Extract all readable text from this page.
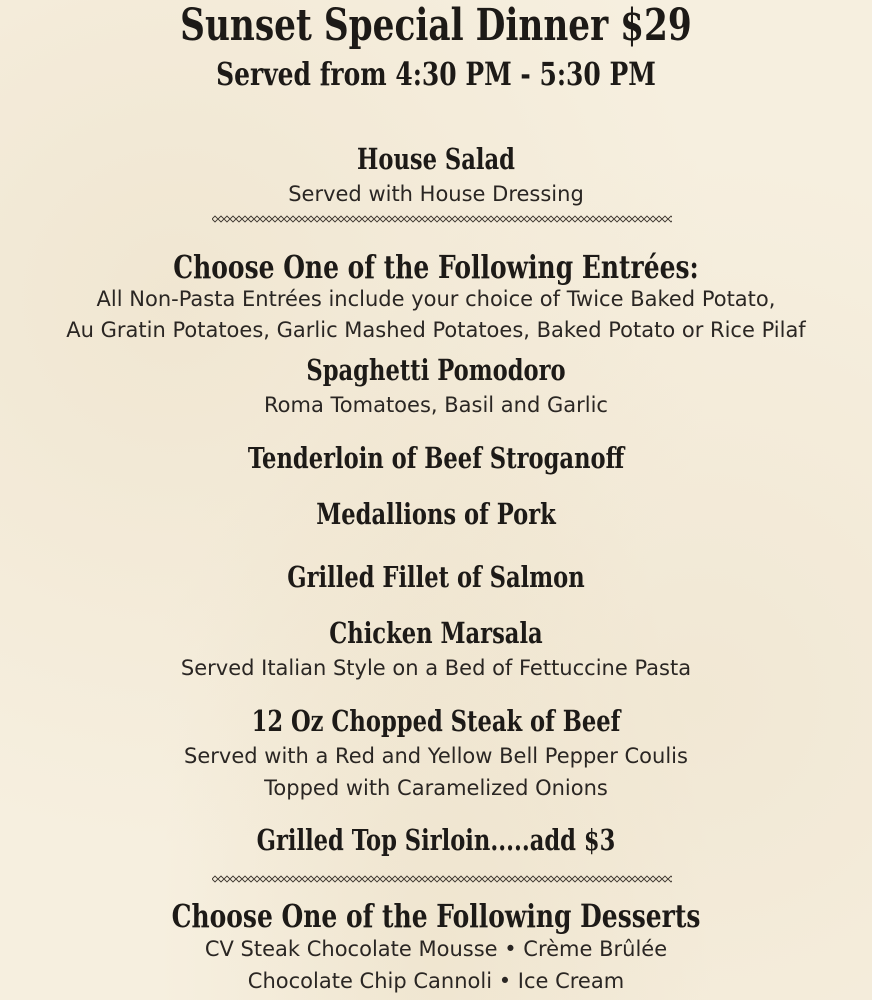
Sunset Special Dinner $29
Served from 4:30 PM - 5:30 PM
House Salad
Served with House Dressing
Choose One of the Following Entrées:
All Non-Pasta Entrées include your choice of Twice Baked Potato,
Au Gratin Potatoes, Garlic Mashed Potatoes, Baked Potato or Rice Pilaf
Spaghetti Pomodoro
Roma Tomatoes, Basil and Garlic
Tenderloin of Beef Stroganoff
Medallions of Pork
Grilled Fillet of Salmon
Chicken Marsala
Served Italian Style on a Bed of Fettuccine Pasta
12 Oz Chopped Steak of Beef
Served with a Red and Yellow Bell Pepper Coulis
Topped with Caramelized Onions
Grilled Top Sirloin.....add $3
Choose One of the Following Desserts
CV Steak Chocolate Mousse • Crème Brûlée
Chocolate Chip Cannoli • Ice Cream
